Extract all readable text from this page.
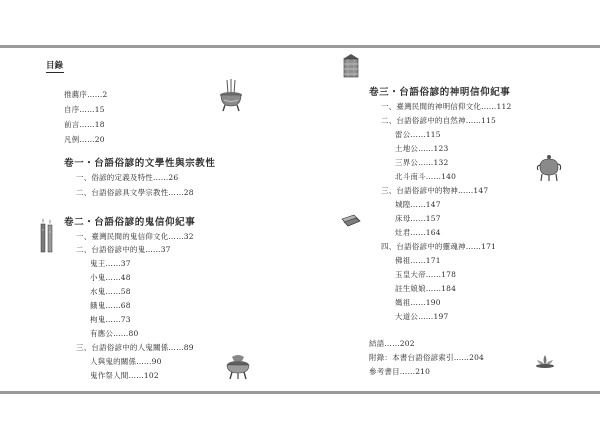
目錄
推薦序……2
自序……15
前言……18
凡例……20
卷一・台語俗諺的文學性與宗教性
一、俗諺的定義及特性……26
二、台語俗諺具文學宗教性……28
卷二・台語俗諺的鬼信仰紀事
一、臺灣民間的鬼信仰文化……32
二、台語俗諺中的鬼……37
鬼王……37
小鬼……48
水鬼……58
餓鬼……68
枸鬼……73
有應公……80
三、台語俗諺中的人鬼關係……89
人與鬼的關係……90
鬼作祭人間……102
卷三・台語俗諺的神明信仰紀事
一、臺灣民間的神明信仰文化……112
二、台語俗諺中的自然神……115
雷公……115
土地公……123
三界公……132
北斗南斗……140
三、台語俗諺中的物神……147
城隍……147
床母……157
灶君……164
四、台語俗諺中的靈魂神……171
佛祖……171
玉皇大帝……178
註生娘娘……184
媽祖……190
大道公……197
結語……202
附錄：本書台語俗諺索引……204
參考書目……210
